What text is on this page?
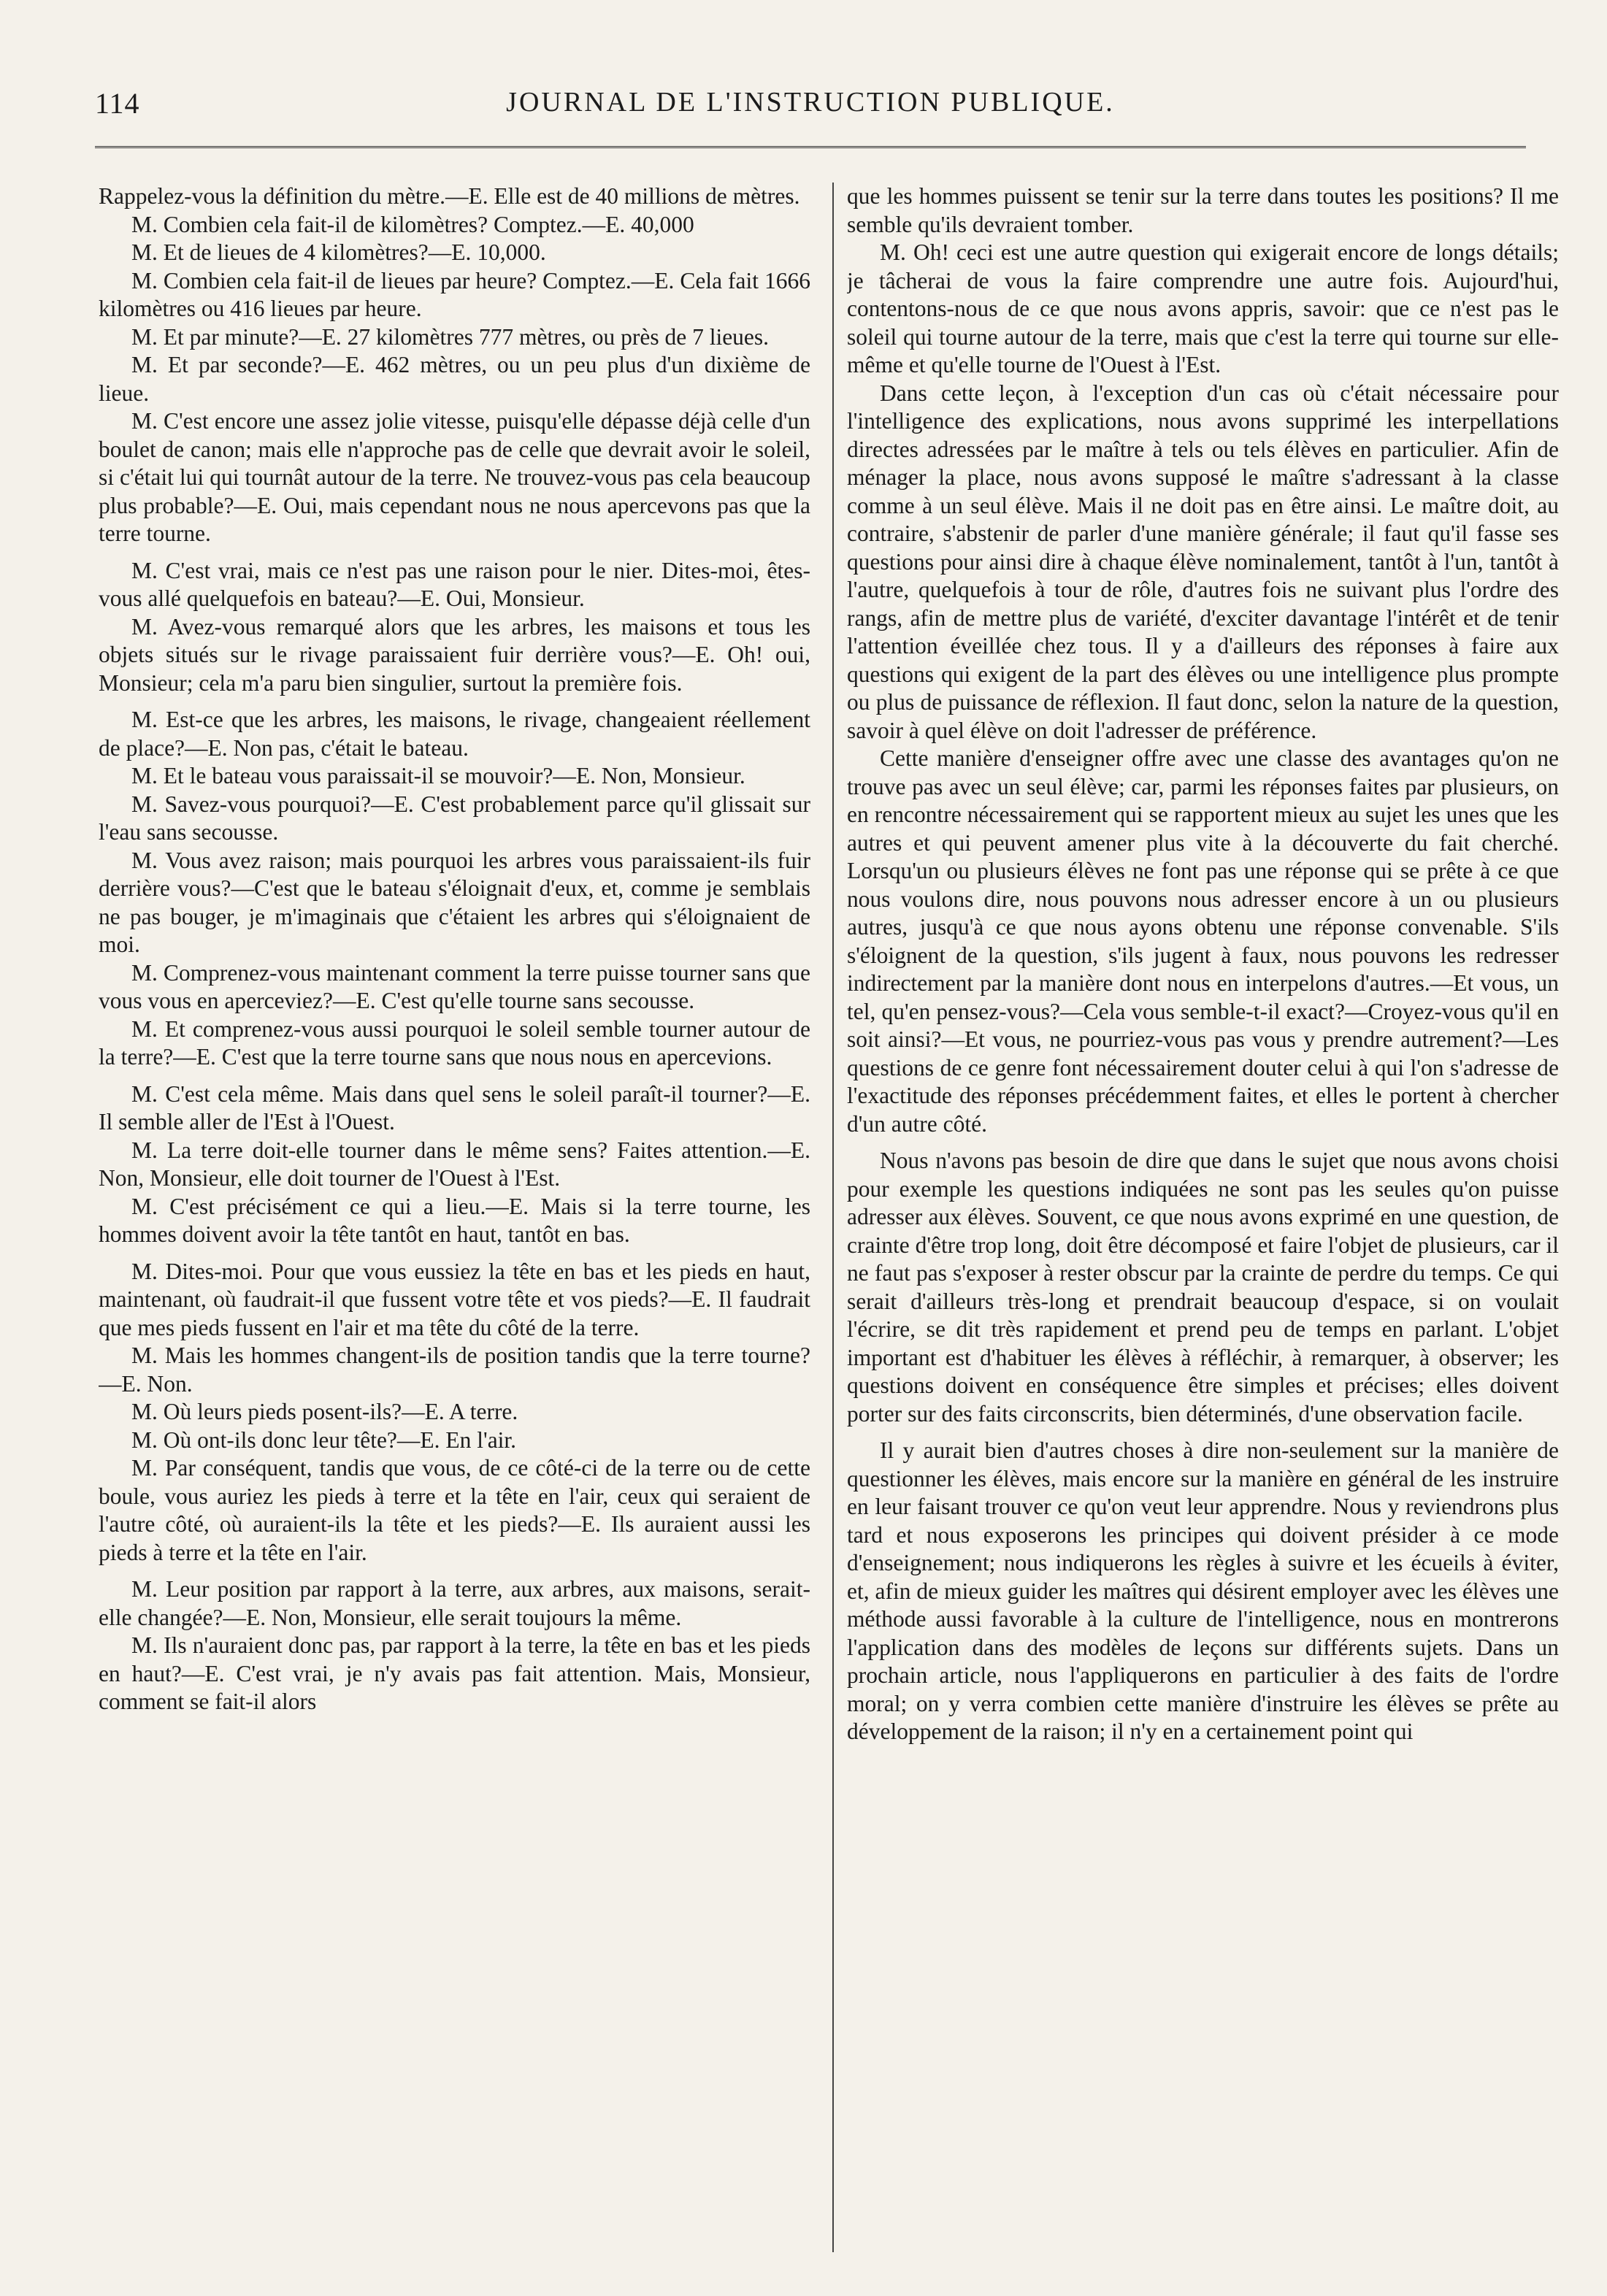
114	JOURNAL DE L'INSTRUCTION PUBLIQUE.

Rappelez-vous la définition du mètre.—E. Elle est de 40 millions de mètres.

M. Combien cela fait-il de kilomètres? Comptez.—E. 40,000

M. Et de lieues de 4 kilomètres?—E. 10,000.

M. Combien cela fait-il de lieues par heure? Comptez.—E. Cela fait 1666 kilomètres ou 416 lieues par heure.

M. Et par minute?—E. 27 kilomètres 777 mètres, ou près de 7 lieues.

M. Et par seconde?—E. 462 mètres, ou un peu plus d'un dixième de lieue.

M. C'est encore une assez jolie vitesse, puisqu'elle dépasse déjà celle d'un boulet de canon; mais elle n'approche pas de celle que devrait avoir le soleil, si c'était lui qui tournât autour de la terre. Ne trouvez-vous pas cela beaucoup plus probable?—E. Oui, mais cependant nous ne nous apercevons pas que la terre tourne.

M. C'est vrai, mais ce n'est pas une raison pour le nier. Dites-moi, êtes-vous allé quelquefois en bateau?—E. Oui, Monsieur.

M. Avez-vous remarqué alors que les arbres, les maisons et tous les objets situés sur le rivage paraissaient fuir derrière vous?—E. Oh! oui, Monsieur; cela m'a paru bien singulier, surtout la première fois.

M. Est-ce que les arbres, les maisons, le rivage, changeaient réellement de place?—E. Non pas, c'était le bateau.

M. Et le bateau vous paraissait-il se mouvoir?—E. Non, Monsieur.

M. Savez-vous pourquoi?—E. C'est probablement parce qu'il glissait sur l'eau sans secousse.

M. Vous avez raison; mais pourquoi les arbres vous paraissaient-ils fuir derrière vous?—C'est que le bateau s'éloignait d'eux, et, comme je semblais ne pas bouger, je m'imaginais que c'étaient les arbres qui s'éloignaient de moi.

M. Comprenez-vous maintenant comment la terre puisse tourner sans que vous vous en aperceviez?—E. C'est qu'elle tourne sans secousse.

M. Et comprenez-vous aussi pourquoi le soleil semble tourner autour de la terre?—E. C'est que la terre tourne sans que nous nous en apercevions.

M. C'est cela même. Mais dans quel sens le soleil paraît-il tourner?—E. Il semble aller de l'Est à l'Ouest.

M. La terre doit-elle tourner dans le même sens? Faites attention.—E. Non, Monsieur, elle doit tourner de l'Ouest à l'Est.

M. C'est précisément ce qui a lieu.—E. Mais si la terre tourne, les hommes doivent avoir la tête tantôt en haut, tantôt en bas.

M. Dites-moi. Pour que vous eussiez la tête en bas et les pieds en haut, maintenant, où faudrait-il que fussent votre tête et vos pieds?—E. Il faudrait que mes pieds fussent en l'air et ma tête du côté de la terre.

M. Mais les hommes changent-ils de position tandis que la terre tourne?—E. Non.

M. Où leurs pieds posent-ils?—E. A terre.

M. Où ont-ils donc leur tête?—E. En l'air.

M. Par conséquent, tandis que vous, de ce côté-ci de la terre ou de cette boule, vous auriez les pieds à terre et la tête en l'air, ceux qui seraient de l'autre côté, où auraient-ils la tête et les pieds?—E. Ils auraient aussi les pieds à terre et la tête en l'air.

M. Leur position par rapport à la terre, aux arbres, aux maisons, serait-elle changée?—E. Non, Monsieur, elle serait toujours la même.

M. Ils n'auraient donc pas, par rapport à la terre, la tête en bas et les pieds en haut?—E. C'est vrai, je n'y avais pas fait attention. Mais, Monsieur, comment se fait-il alors

que les hommes puissent se tenir sur la terre dans toutes les positions? Il me semble qu'ils devraient tomber.

M. Oh! ceci est une autre question qui exigerait encore de longs détails; je tâcherai de vous la faire comprendre une autre fois. Aujourd'hui, contentons-nous de ce que nous avons appris, savoir: que ce n'est pas le soleil qui tourne autour de la terre, mais que c'est la terre qui tourne sur elle-même et qu'elle tourne de l'Ouest à l'Est.

Dans cette leçon, à l'exception d'un cas où c'était nécessaire pour l'intelligence des explications, nous avons supprimé les interpellations directes adressées par le maître à tels ou tels élèves en particulier. Afin de ménager la place, nous avons supposé le maître s'adressant à la classe comme à un seul élève. Mais il ne doit pas en être ainsi. Le maître doit, au contraire, s'abstenir de parler d'une manière générale; il faut qu'il fasse ses questions pour ainsi dire à chaque élève nominalement, tantôt à l'un, tantôt à l'autre, quelquefois à tour de rôle, d'autres fois ne suivant plus l'ordre des rangs, afin de mettre plus de variété, d'exciter davantage l'intérêt et de tenir l'attention éveillée chez tous. Il y a d'ailleurs des réponses à faire aux questions qui exigent de la part des élèves ou une intelligence plus prompte ou plus de puissance de réflexion. Il faut donc, selon la nature de la question, savoir à quel élève on doit l'adresser de préférence.

Cette manière d'enseigner offre avec une classe des avantages qu'on ne trouve pas avec un seul élève; car, parmi les réponses faites par plusieurs, on en rencontre nécessairement qui se rapportent mieux au sujet les unes que les autres et qui peuvent amener plus vite à la découverte du fait cherché. Lorsqu'un ou plusieurs élèves ne font pas une réponse qui se prête à ce que nous voulons dire, nous pouvons nous adresser encore à un ou plusieurs autres, jusqu'à ce que nous ayons obtenu une réponse convenable. S'ils s'éloignent de la question, s'ils jugent à faux, nous pouvons les redresser indirectement par la manière dont nous en interpelons d'autres.—Et vous, un tel, qu'en pensez-vous?—Cela vous semble-t-il exact?—Croyez-vous qu'il en soit ainsi?—Et vous, ne pourriez-vous pas vous y prendre autrement?—Les questions de ce genre font nécessairement douter celui à qui l'on s'adresse de l'exactitude des réponses précédemment faites, et elles le portent à chercher d'un autre côté.

Nous n'avons pas besoin de dire que dans le sujet que nous avons choisi pour exemple les questions indiquées ne sont pas les seules qu'on puisse adresser aux élèves. Souvent, ce que nous avons exprimé en une question, de crainte d'être trop long, doit être décomposé et faire l'objet de plusieurs, car il ne faut pas s'exposer à rester obscur par la crainte de perdre du temps. Ce qui serait d'ailleurs très-long et prendrait beaucoup d'espace, si on voulait l'écrire, se dit très rapidement et prend peu de temps en parlant. L'objet important est d'habituer les élèves à réfléchir, à remarquer, à observer; les questions doivent en conséquence être simples et précises; elles doivent porter sur des faits circonscrits, bien déterminés, d'une observation facile.

Il y aurait bien d'autres choses à dire non-seulement sur la manière de questionner les élèves, mais encore sur la manière en général de les instruire en leur faisant trouver ce qu'on veut leur apprendre. Nous y reviendrons plus tard et nous exposerons les principes qui doivent présider à ce mode d'enseignement; nous indiquerons les règles à suivre et les écueils à éviter, et, afin de mieux guider les maîtres qui désirent employer avec les élèves une méthode aussi favorable à la culture de l'intelligence, nous en montrerons l'application dans des modèles de leçons sur différents sujets. Dans un prochain article, nous l'appliquerons en particulier à des faits de l'ordre moral; on y verra combien cette manière d'instruire les élèves se prête au développement de la raison; il n'y en a certainement point qui
